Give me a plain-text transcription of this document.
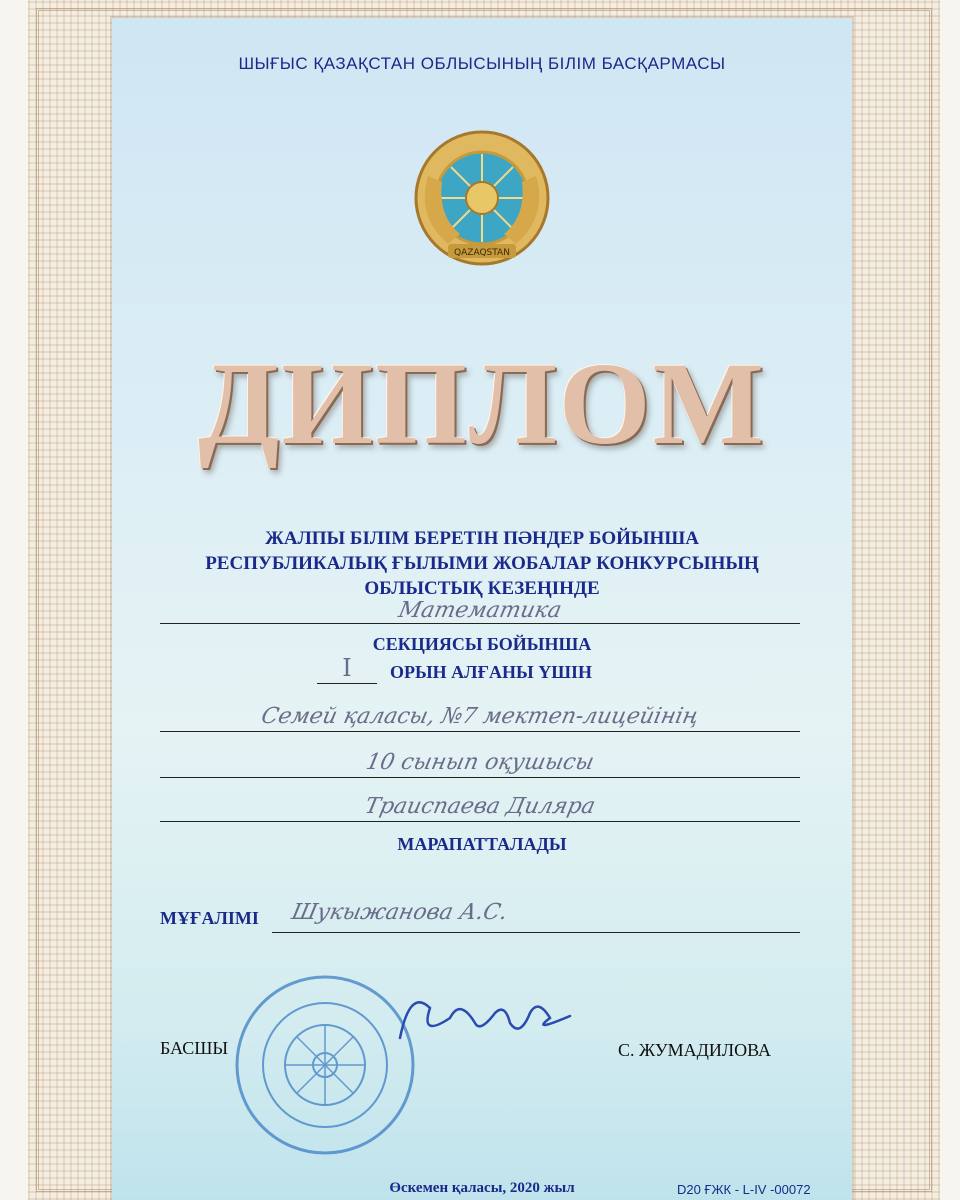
ШЫҒЫС ҚАЗАҚСТАН ОБЛЫСЫНЫҢ БІЛІМ БАСҚАРМАСЫ
QAZAQSTAN
ДИПЛОМ
ЖАЛПЫ БІЛІМ БЕРЕТІН ПӘНДЕР БОЙЫНША
РЕСПУБЛИКАЛЫҚ ҒЫЛЫМИ ЖОБАЛАР КОНКУРСЫНЫҢ
ОБЛЫСТЫҚ КЕЗЕҢІНДЕ
Математика
СЕКЦИЯСЫ БОЙЫНША
I	ОРЫН АЛҒАНЫ ҮШІН
Семей қаласы, №7 мектеп-лицейінің
10 сынып оқушысы
Траиспаева Диляра
МАРАПАТТАЛАДЫ
МҰҒАЛІМІ Шукыжанова А.С.
БАСШЫ	С. ЖУМАДИЛОВА
Өскемен қаласы, 2020 жыл	D20 ҒЖК - L-IV -00072
